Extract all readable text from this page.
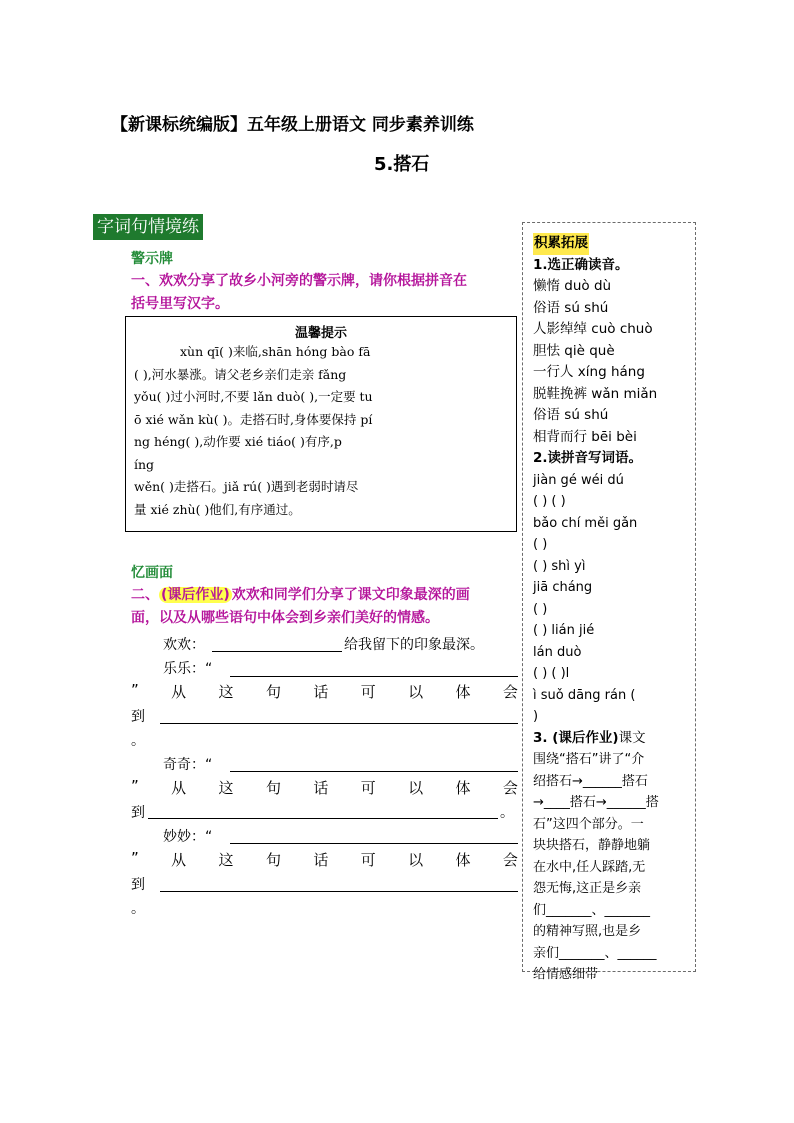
【新课标统编版】五年级上册语文 同步素养训练
5.搭石
字词句情境练
警示牌
一、欢欢分享了故乡小河旁的警示牌，请你根据拼音在
括号里写汉字。
温馨提示
xùn qī( )来临,shān hóng bào fā
( ),河水暴涨。请父老乡亲们走亲 fǎng
yǒu( )过小河时,不要 lǎn duò( ),一定要 tu
ō xié wǎn kù( )。走搭石时,身体要保持 pí
ng héng( ),动作要 xié tiáo( )有序,p
íng
wěn( )走搭石。jiǎ rú( )遇到老弱时请尽
量 xié zhù( )他们,有序通过。
忆画面
二、 (课后作业) 欢欢和同学们分享了课文印象最深的画
面，以及从哪些语句中体会到乡亲们美好的情感。
欢欢：	给我留下的印象最深。
乐乐：“
” 从 这 句 话 可 以 体 会
到
。
奇奇：“
” 从 这 句 话 可 以 体 会
到	。
妙妙：“
” 从 这 句 话 可 以 体 会
到
。
积累拓展
1.选正确读音。
懒惰 duò dù
俗语 sú shú
人影绰绰 cuò chuò
胆怯 qiè què
一行人 xíng háng
脱鞋挽裤 wǎn miǎn
俗语 sú shú
相背而行 bēi bèi
2.读拼音写词语。
jiàn gé wéi dú
( ) ( )
bǎo chí měi gǎn
( )
( ) shì yì
jiā cháng
( )
( ) lián jié
lán duò
( ) ( )l
ì suǒ dāng rán (
)
3. (课后作业)课文
围绕“搭石”讲了“介
绍搭石→______搭石
→____搭石→______搭
石”这四个部分。一
块块搭石，静静地躺
在水中,任人踩踏,无
怨无悔,这正是乡亲
们_______、_______
的精神写照,也是乡
亲们_______、______
给情感细带
